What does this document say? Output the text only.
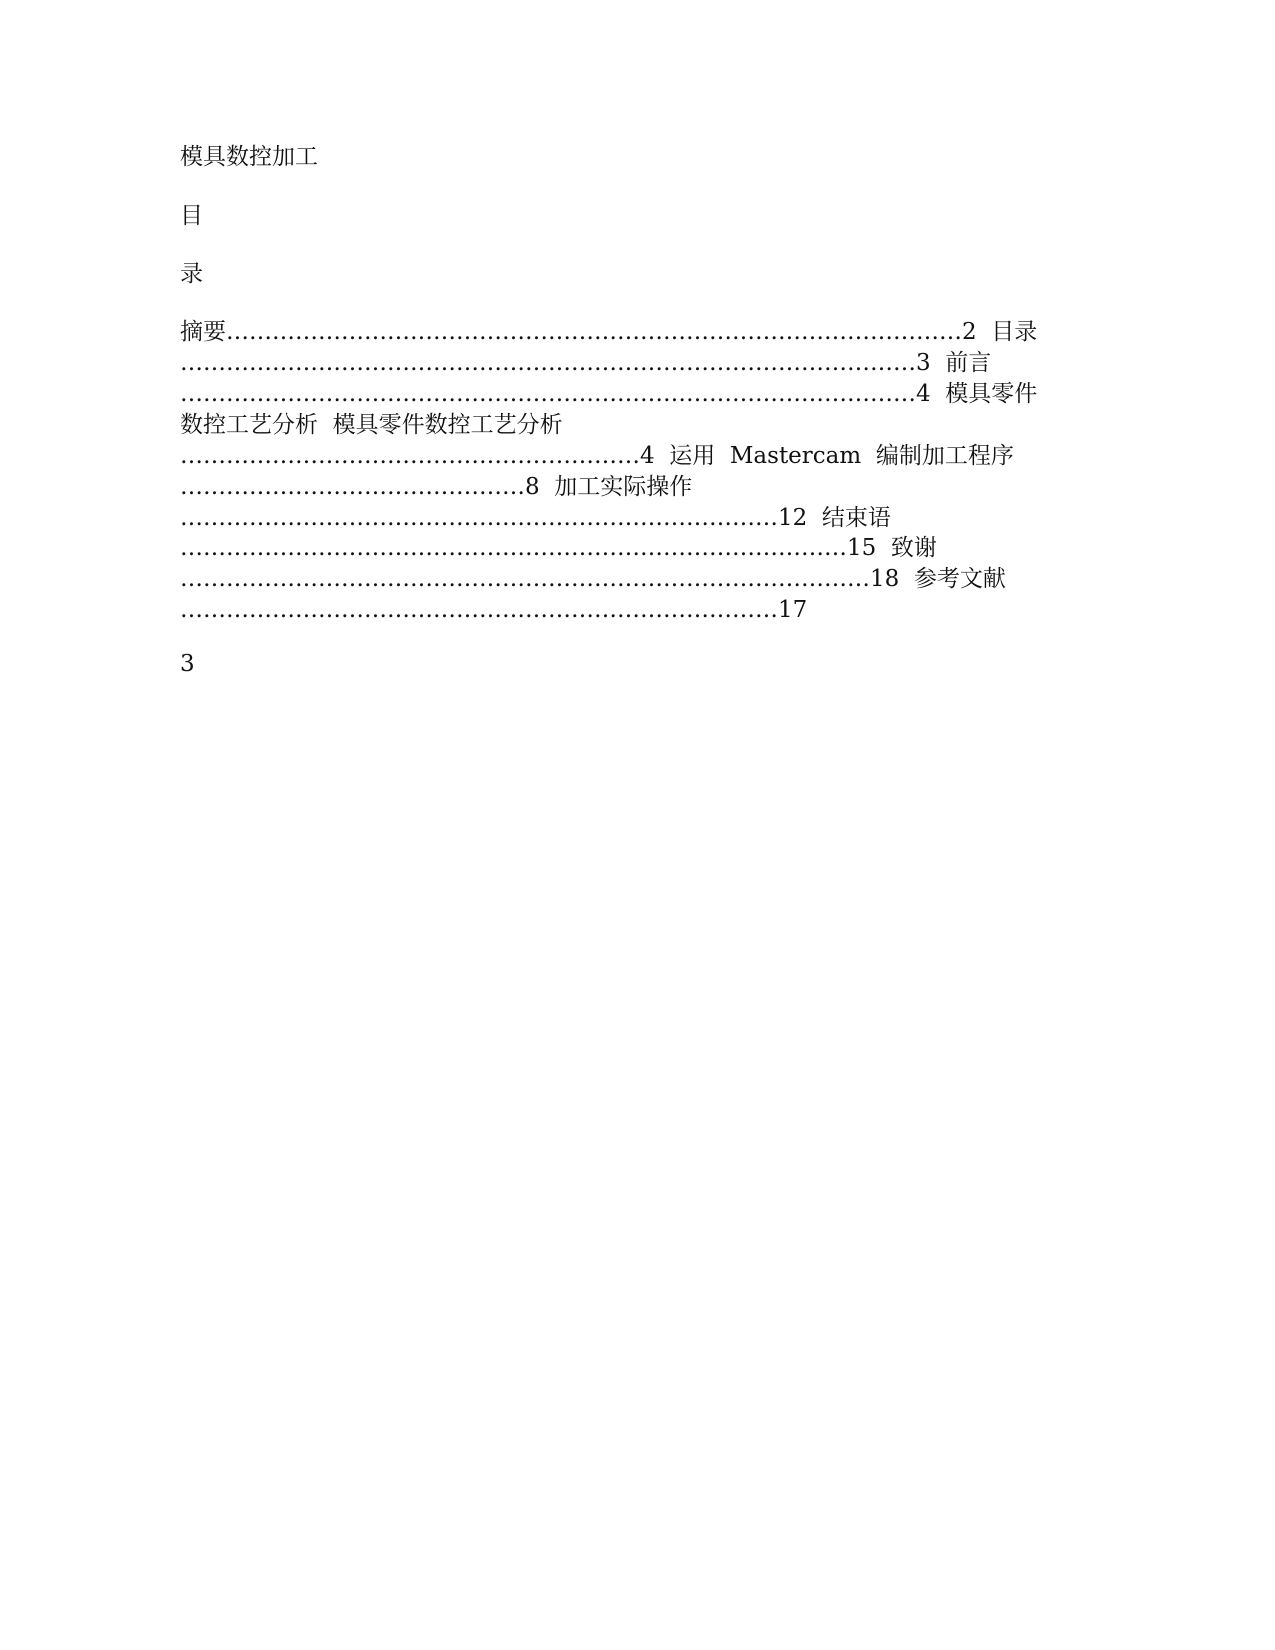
模具数控加工
目
录
摘要……………………………………………………………………………………2  目录
……………………………………………………………………………………3  前言
……………………………………………………………………………………4  模具零件
数控工艺分析  模具零件数控工艺分析
……………………………………………………4  运用  Mastercam  编制加工程序
………………………………………8  加工实际操作
……………………………………………………………………12  结束语
……………………………………………………………………………15  致谢
………………………………………………………………………………18  参考文献
……………………………………………………………………17
3
